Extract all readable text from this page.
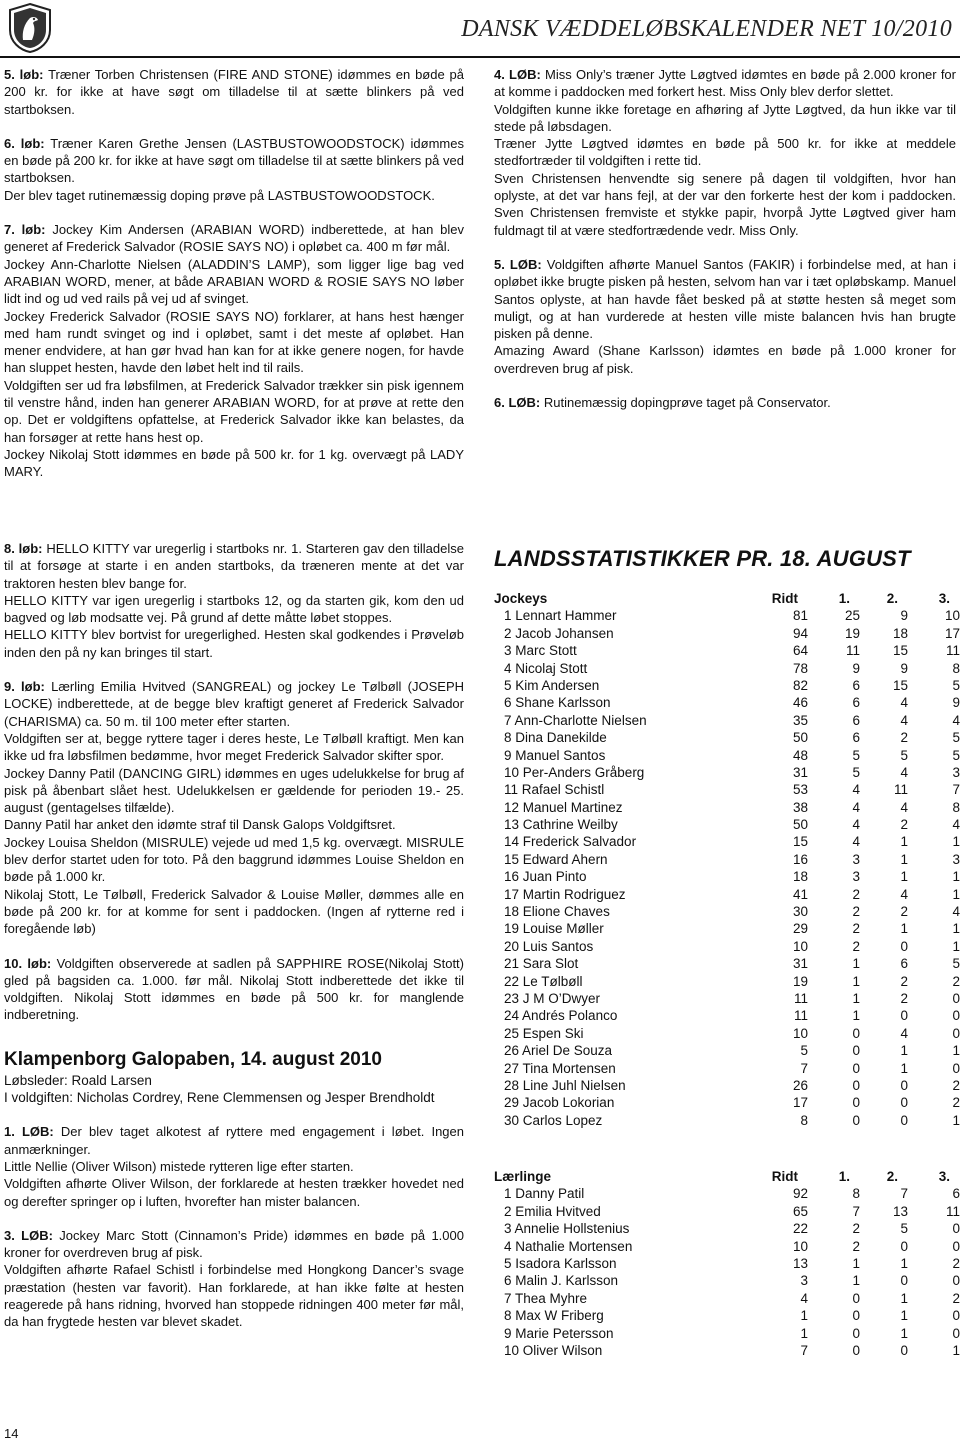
DANSK VÆDDELØBSKALENDER NET 10/2010

5. løb: Træner Torben Christensen (FIRE AND STONE) idømmes en bøde på 200 kr. for ikke at have søgt om tilladelse til at sætte blinkers på ved startboksen.

6. løb: Træner Karen Grethe Jensen (LASTBUSTOWOODSTOCK) idømmes en bøde på 200 kr. for ikke at have søgt om tilladelse til at sætte blinkers på ved startboksen.

Der blev taget rutinemæssig doping prøve på LASTBUSTOWOODSTOCK.

7. løb: Jockey Kim Andersen (ARABIAN WORD) indberettede, at han blev generet af Frederick Salvador (ROSIE SAYS NO) i opløbet ca. 400 m før mål.

Jockey Ann-Charlotte Nielsen (ALADDIN’S LAMP), som ligger lige bag ved ARABIAN WORD, mener, at både ARABIAN WORD & ROSIE SAYS NO løber lidt ind og ud ved rails på vej ud af svinget.

Jockey Frederick Salvador (ROSIE SAYS NO) forklarer, at hans hest hænger med ham rundt svinget og ind i opløbet, samt i det meste af opløbet. Han mener endvidere, at han gør hvad han kan for at ikke genere nogen, for havde han sluppet hesten, havde den løbet helt ind til rails.

Voldgiften ser ud fra løbsfilmen, at Frederick Salvador trækker sin pisk igennem til venstre hånd, inden han generer ARABIAN WORD, for at prøve at rette den op. Det er voldgiftens opfattelse, at Frederick Salvador ikke kan belastes, da han forsøger at rette hans hest op.

Jockey Nikolaj Stott idømmes en bøde på 500 kr. for 1 kg. overvægt på LADY MARY.

8. løb: HELLO KITTY var uregerlig i startboks nr. 1. Starteren gav den tilladelse til at forsøge at starte i en anden startboks, da træneren mente at det var traktoren hesten blev bange for.

HELLO KITTY var igen uregerlig i startboks 12, og da starten gik, kom den ud bagved og løb modsatte vej. På grund af dette måtte løbet stoppes.

HELLO KITTY blev bortvist for uregerlighed. Hesten skal godkendes i Prøveløb inden den på ny kan bringes til start.

9. løb: Lærling Emilia Hvitved (SANGREAL) og jockey Le Tølbøll (JOSEPH LOCKE) indberettede, at de begge blev kraftigt generet af Frederick Salvador (CHARISMA) ca. 50 m. til 100 meter efter starten.

Voldgiften ser at, begge ryttere tager i deres heste, Le Tølbøll kraftigt. Men kan ikke ud fra løbsfilmen bedømme, hvor meget Frederick Salvador skifter spor.

Jockey Danny Patil (DANCING GIRL) idømmes en uges udelukkelse for brug af pisk på åbenbart slået hest. Udelukkelsen er gældende for perioden 19.- 25. august (gentagelses tilfælde).

Danny Patil har anket den idømte straf til Dansk Galops Voldgiftsret.

Jockey Louisa Sheldon (MISRULE) vejede ud med 1,5 kg. overvægt. MISRULE blev derfor startet uden for toto. På den baggrund idømmes Louise Sheldon en bøde på 1.000 kr.

Nikolaj Stott, Le Tølbøll, Frederick Salvador & Louise Møller, dømmes alle en bøde på 200 kr. for at komme for sent i paddocken. (Ingen af rytterne red i foregående løb)

10. løb: Voldgiften observerede at sadlen på SAPPHIRE ROSE(Nikolaj Stott) gled på bagsiden ca. 1.000. før mål. Nikolaj Stott indberettede det ikke til voldgiften. Nikolaj Stott idømmes en bøde på 500 kr. for manglende indberetning.

Klampenborg Galopaben, 14. august 2010

Løbsleder: Roald Larsen

I voldgiften: Nicholas Cordrey, Rene Clemmensen og Jesper Brendholdt

1. LØB: Der blev taget alkotest af ryttere med engagement i løbet. Ingen anmærkninger.

Little Nellie (Oliver Wilson) mistede rytteren lige efter starten.

Voldgiften afhørte Oliver Wilson, der forklarede at hesten trækker hovedet ned og derefter springer op i luften, hvorefter han mister balancen.

3. LØB: Jockey Marc Stott (Cinnamon’s Pride) idømmes en bøde på 1.000 kroner for overdreven brug af pisk.

Voldgiften afhørte Rafael Schistl i forbindelse med Hongkong Dancer’s svage præstation (hesten var favorit). Han forklarede, at han ikke følte at hesten reagerede på hans ridning, hvorved han stoppede ridningen 400 meter før mål, da han frygtede hesten var blevet skadet.

4. LØB: Miss Only’s træner Jytte Løgtved idømtes en bøde på 2.000 kroner for at komme i paddocken med forkert hest. Miss Only blev derfor slettet.

Voldgiften kunne ikke foretage en afhøring af Jytte Løgtved, da hun ikke var til stede på løbsdagen.

Træner Jytte Løgtved idømtes en bøde på 500 kr. for ikke at meddele stedfortræder til voldgiften i rette tid.

Sven Christensen henvendte sig senere på dagen til voldgiften, hvor han oplyste, at det var hans fejl, at der var den forkerte hest der kom i paddocken. Sven Christensen fremviste et stykke papir, hvorpå Jytte Løgtved giver ham fuldmagt til at være stedfortrædende vedr. Miss Only.

5. LØB: Voldgiften afhørte Manuel Santos (FAKIR) i forbindelse med, at han i opløbet ikke brugte pisken på hesten, selvom han var i tæt opløbskamp. Manuel Santos oplyste, at han havde fået besked på at støtte hesten så meget som muligt, og at han vurderede at hesten ville miste balancen hvis han brugte pisken på denne.

Amazing Award (Shane Karlsson) idømtes en bøde på 1.000 kroner for overdreven brug af pisk.

6. LØB: Rutinemæssig dopingprøve taget på Conservator.

LANDSSTATISTIKKER PR. 18. AUGUST
Jockeys	Ridt	1.	2.	3.
1 Lennart Hammer	81	25	9	10
2 Jacob Johansen	94	19	18	17
3 Marc Stott	64	11	15	11
4 Nicolaj Stott	78	9	9	8
5 Kim Andersen	82	6	15	5
6 Shane Karlsson	46	6	4	9
7 Ann-Charlotte Nielsen	35	6	4	4
8 Dina Danekilde	50	6	2	5
9 Manuel Santos	48	5	5	5
10 Per-Anders Gråberg	31	5	4	3
11 Rafael Schistl	53	4	11	7
12 Manuel Martinez	38	4	4	8
13 Cathrine Weilby	50	4	2	4
14 Frederick Salvador	15	4	1	1
15 Edward Ahern	16	3	1	3
16 Juan Pinto	18	3	1	1
17 Martin Rodriguez	41	2	4	1
18 Elione Chaves	30	2	2	4
19 Louise Møller	29	2	1	1
20 Luis Santos	10	2	0	1
21 Sara Slot	31	1	6	5
22 Le Tølbøll	19	1	2	2
23 J M O’Dwyer	11	1	2	0
24 Andrés Polanco	11	1	0	0
25 Espen Ski	10	0	4	0
26 Ariel De Souza	5	0	1	1
27 Tina Mortensen	7	0	1	0
28 Line Juhl Nielsen	26	0	0	2
29 Jacob Lokorian	17	0	0	2
30 Carlos Lopez	8	0	0	1
Lærlinge	Ridt	1.	2.	3.
1 Danny Patil	92	8	7	6
2 Emilia Hvitved	65	7	13	11
3 Annelie Hollstenius	22	2	5	0
4 Nathalie Mortensen	10	2	0	0
5 Isadora Karlsson	13	1	1	2
6 Malin J. Karlsson	3	1	0	0
7 Thea Myhre	4	0	1	2
8 Max W Friberg	1	0	1	0
9 Marie Petersson	1	0	1	0
10 Oliver Wilson	7	0	0	1
14
